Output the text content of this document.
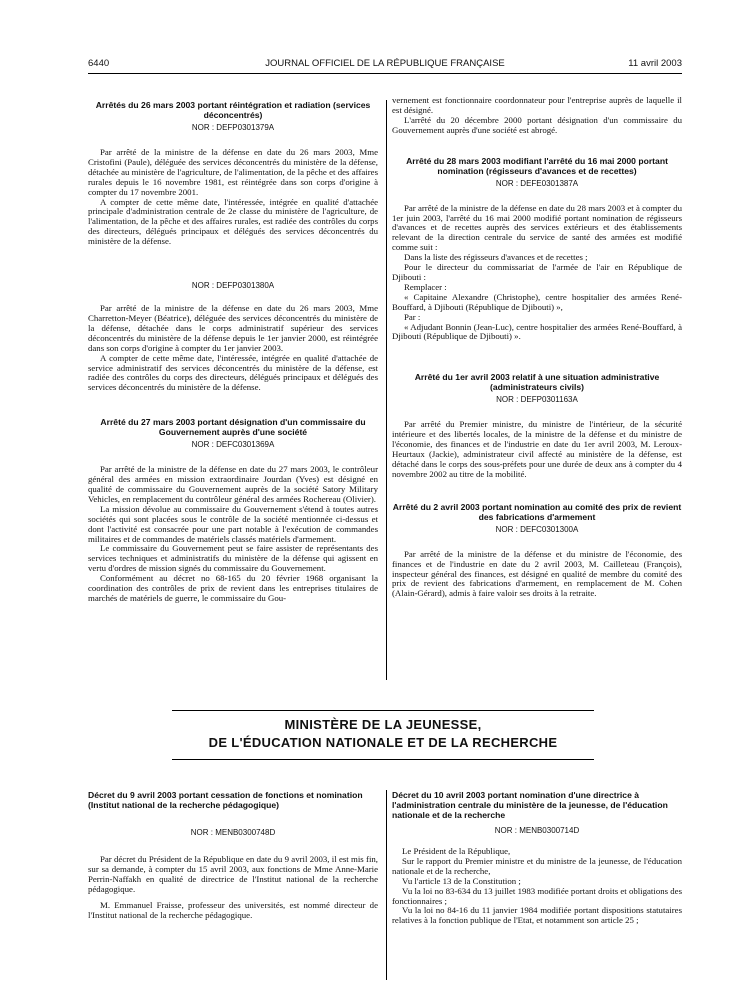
6440	JOURNAL OFFICIEL DE LA RÉPUBLIQUE FRANÇAISE	11 avril 2003
Arrêtés du 26 mars 2003 portant réintégration et radiation (services déconcentrés)
NOR : DEFP0301379A

Par arrêté de la ministre de la défense en date du 26 mars 2003, Mme Cristofini (Paule), déléguée des services déconcentrés du ministère de la défense, détachée au ministère de l'agriculture, de l'alimentation, de la pêche et des affaires rurales depuis le 16 novembre 1981, est réintégrée dans son corps d'origine à compter du 17 novembre 2001.

A compter de cette même date, l'intéressée, intégrée en qualité d'attachée principale d'administration centrale de 2e classe du ministère de l'agriculture, de l'alimentation, de la pêche et des affaires rurales, est radiée des contrôles du corps des directeurs, délégués principaux et délégués des services déconcentrés du ministère de la défense.

NOR : DEFP0301380A

Par arrêté de la ministre de la défense en date du 26 mars 2003, Mme Charretton-Meyer (Béatrice), déléguée des services déconcentrés du ministère de la défense, détachée dans le corps administratif supérieur des services déconcentrés du ministère de la défense depuis le 1er janvier 2000, est réintégrée dans son corps d'origine à compter du 1er janvier 2003.

A compter de cette même date, l'intéressée, intégrée en qualité d'attachée de service administratif des services déconcentrés du ministère de la défense, est radiée des contrôles du corps des directeurs, délégués principaux et délégués des services déconcentrés du ministère de la défense.

Arrêté du 27 mars 2003 portant désignation d'un commissaire du Gouvernement auprès d'une société
NOR : DEFC0301369A

Par arrêté de la ministre de la défense en date du 27 mars 2003, le contrôleur général des armées en mission extraordinaire Jourdan (Yves) est désigné en qualité de commissaire du Gouvernement auprès de la société Satory Military Vehicles, en remplacement du contrôleur général des armées Rocherеau (Olivier).

La mission dévolue au commissaire du Gouvernement s'étend à toutes autres sociétés qui sont placées sous le contrôle de la société mentionnée ci-dessus et dont l'activité est consacrée pour une part notable à l'exécution de commandes militaires et de commandes de matériels classés matériels d'armement.

Le commissaire du Gouvernement peut se faire assister de représentants des services techniques et administratifs du ministère de la défense qui agissent en vertu d'ordres de mission signés du commissaire du Gouvernement.

Conformément au décret no 68-165 du 20 février 1968 organisant la coordination des contrôles de prix de revient dans les entreprises titulaires de marchés de matériels de guerre, le commissaire du Gou-

vernement est fonctionnaire coordonnateur pour l'entreprise auprès de laquelle il est désigné.

L'arrêté du 20 décembre 2000 portant désignation d'un commissaire du Gouvernement auprès d'une société est abrogé.

Arrêté du 28 mars 2003 modifiant l'arrêté du 16 mai 2000 portant nomination (régisseurs d'avances et de recettes)
NOR : DEFE0301387A

Par arrêté de la ministre de la défense en date du 28 mars 2003 et à compter du 1er juin 2003, l'arrêté du 16 mai 2000 modifié portant nomination de régisseurs d'avances et de recettes auprès des services extérieurs et des établissements relevant de la direction centrale du service de santé des armées est modifié comme suit :

Dans la liste des régisseurs d'avances et de recettes ;

Pour le directeur du commissariat de l'armée de l'air en République de Djibouti :

Remplacer :

« Capitaine Alexandre (Christophe), centre hospitalier des armées René-Bouffard, à Djibouti (République de Djibouti) »,

Par :

« Adjudant Bonnin (Jean-Luc), centre hospitalier des armées René-Bouffard, à Djibouti (République de Djibouti) ».

Arrêté du 1er avril 2003 relatif à une situation administrative (administrateurs civils)
NOR : DEFP0301163A

Par arrêté du Premier ministre, du ministre de l'intérieur, de la sécurité intérieure et des libertés locales, de la ministre de la défense et du ministre de l'économie, des finances et de l'industrie en date du 1er avril 2003, M. Leroux-Heurtaux (Jackie), administrateur civil affecté au ministère de la défense, est détaché dans le corps des sous-préfets pour une durée de deux ans à compter du 4 novembre 2002 au titre de la mobilité.

Arrêté du 2 avril 2003 portant nomination au comité des prix de revient des fabrications d'armement
NOR : DEFC0301300A

Par arrêté de la ministre de la défense et du ministre de l'économie, des finances et de l'industrie en date du 2 avril 2003, M. Cailleteau (François), inspecteur général des finances, est désigné en qualité de membre du comité des prix de revient des fabrications d'armement, en remplacement de M. Cohen (Alain-Gérard), admis à faire valoir ses droits à la retraite.

MINISTÈRE DE LA JEUNESSE,
DE L'ÉDUCATION NATIONALE ET DE LA RECHERCHE
Décret du 9 avril 2003 portant cessation de fonctions et nomination (Institut national de la recherche pédagogique)
NOR : MENB0300748D

Par décret du Président de la République en date du 9 avril 2003, il est mis fin, sur sa demande, à compter du 15 avril 2003, aux fonctions de Mme Anne-Marie Perrin-Naffakh en qualité de directrice de l'Institut national de la recherche pédagogique.

M. Emmanuel Fraisse, professeur des universités, est nommé directeur de l'Institut national de la recherche pédagogique.

Décret du 10 avril 2003 portant nomination d'une directrice à l'administration centrale du ministère de la jeunesse, de l'éducation nationale et de la recherche
NOR : MENB0300714D

Le Président de la République,

Sur le rapport du Premier ministre et du ministre de la jeunesse, de l'éducation nationale et de la recherche,

Vu l'article 13 de la Constitution ;

Vu la loi no 83-634 du 13 juillet 1983 modifiée portant droits et obligations des fonctionnaires ;

Vu la loi no 84-16 du 11 janvier 1984 modifiée portant dispositions statutaires relatives à la fonction publique de l'Etat, et notamment son article 25 ;
